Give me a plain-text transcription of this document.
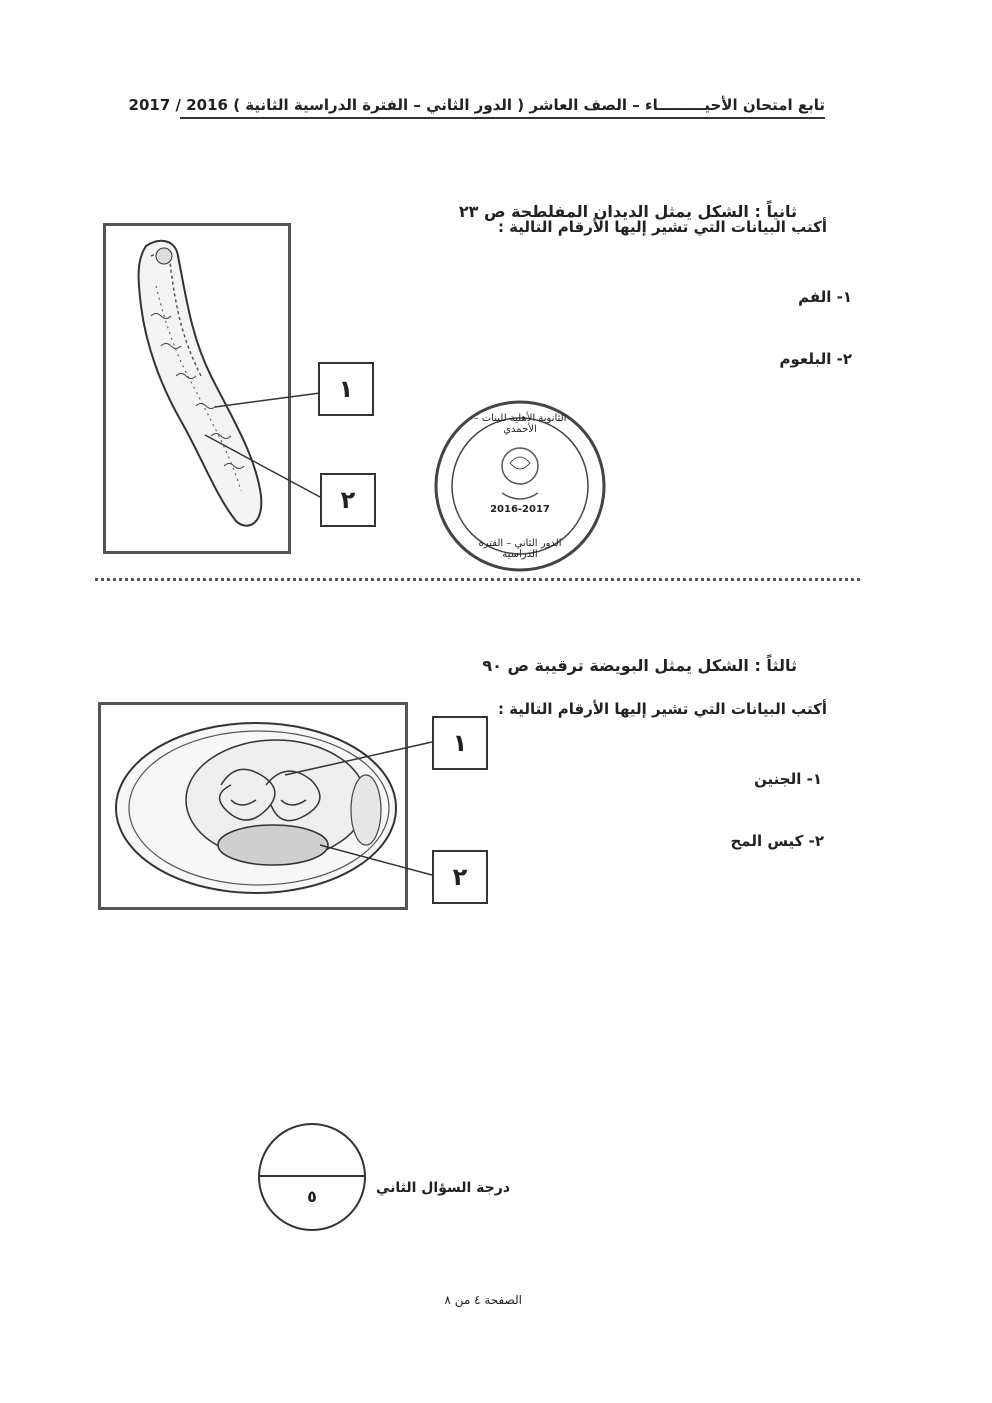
تابع امتحان الأحيـــــــــاء – الصف العاشر ( الدور الثاني – الفترة الدراسية الثانية ) 2016 / 2017
ثانياً : الشكل يمثل الديدان المفلطحة ص ٢٣
أكتب البيانات التي تشير إليها الأرقام التالية :
١- الفم
٢- البلعوم
١
٢
الثانوية الأهلية للبنات – الأحمدي
2016-2017
الدور الثاني – الفترة الدراسية
ثالثاً : الشكل يمثل البويضة ترقيبة ص ٩٠
أكتب البيانات التي تشير إليها الأرقام التالية :
١- الجنين
٢- كيس المح
١
٢
٥	درجة السؤال الثاني
الصفحة ٤ من ٨
